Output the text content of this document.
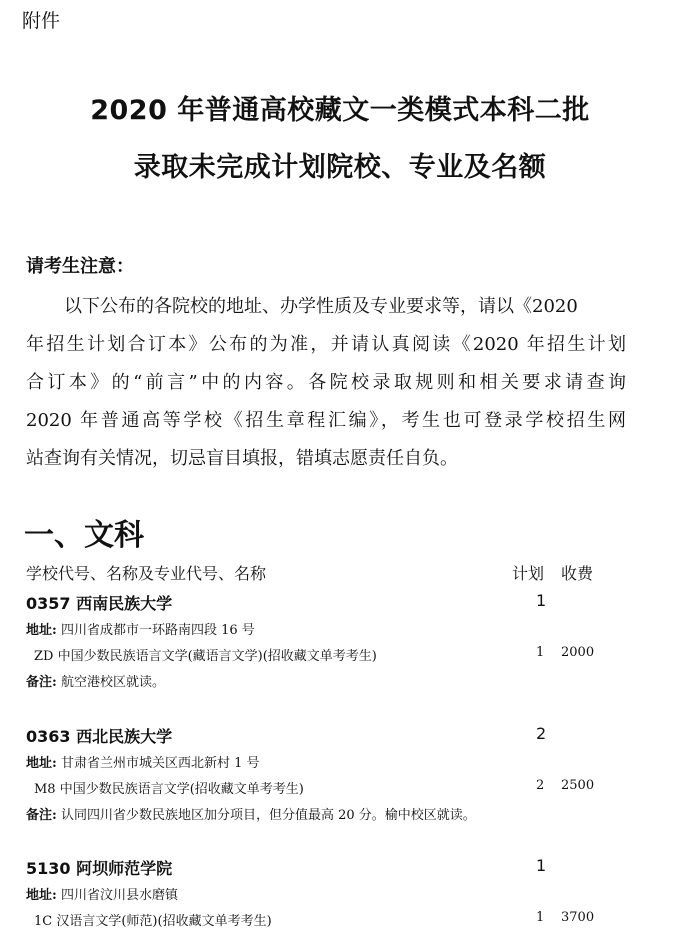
附件
2020 年普通高校藏文一类模式本科二批
录取未完成计划院校、专业及名额
请考生注意：
以下公布的各院校的地址、办学性质及专业要求等，请以《2020
年招生计划合订本》公布的为准，并请认真阅读《2020 年招生计划
合订本》的“前言”中的内容。各院校录取规则和相关要求请查询
2020 年普通高等学校《招生章程汇编》，考生也可登录学校招生网
站查询有关情况，切忌盲目填报，错填志愿责任自负。
一、文科
学校代号、名称及专业代号、名称	计划 收费
0357 西南民族大学	1
地址: 四川省成都市一环路南四段 16 号
ZD 中国少数民族语言文学(藏语言文学)(招收藏文单考考生)	1 2000
备注: 航空港校区就读。
0363 西北民族大学	2
地址: 甘肃省兰州市城关区西北新村 1 号
M8 中国少数民族语言文学(招收藏文单考考生)	2 2500
备注: 认同四川省少数民族地区加分项目，但分值最高 20 分。榆中校区就读。
5130 阿坝师范学院	1
地址: 四川省汶川县水磨镇
1C 汉语言文学(师范)(招收藏文单考考生)	1 3700
